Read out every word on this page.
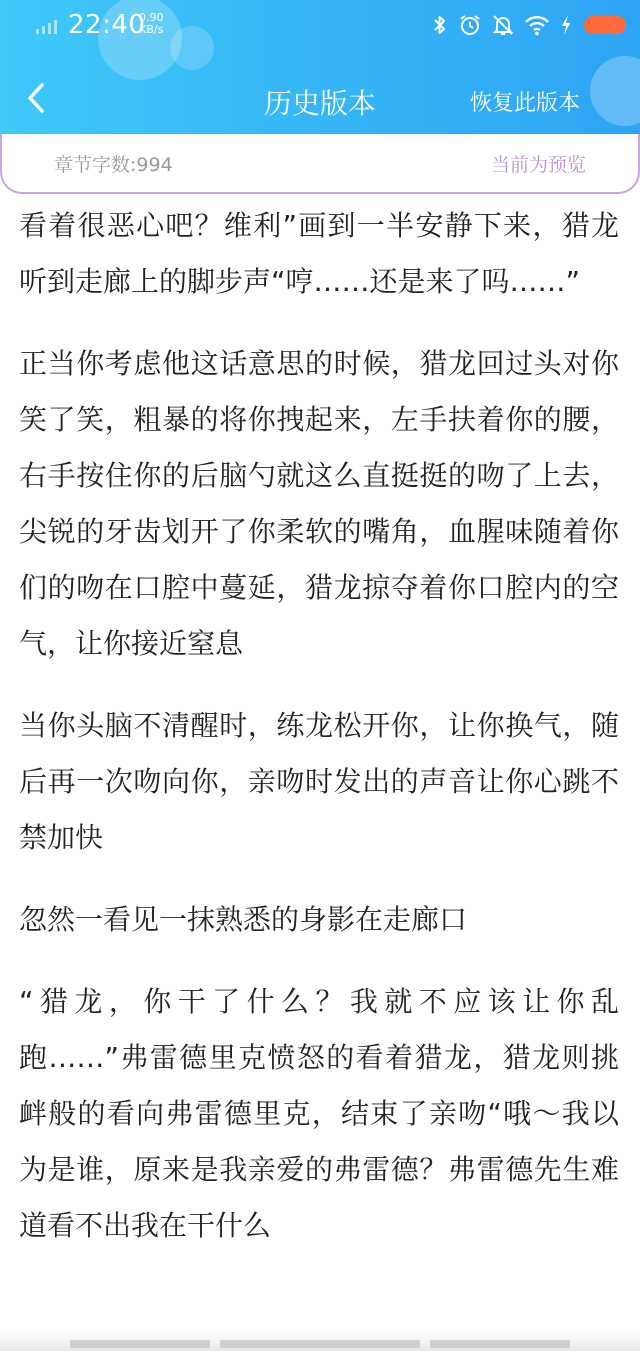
22:40
0.90
KB/s
历史版本	恢复此版本
章节字数:994	当前为预览

看着很恶心吧？维利”画到一半安静下来，猎龙听到走廊上的脚步声“哼……还是来了吗……”

正当你考虑他这话意思的时候，猎龙回过头对你笑了笑，粗暴的将你拽起来，左手扶着你的腰，右手按住你的后脑勺就这么直挺挺的吻了上去，尖锐的牙齿划开了你柔软的嘴角，血腥味随着你们的吻在口腔中蔓延，猎龙掠夺着你口腔内的空气，让你接近窒息

当你头脑不清醒时，练龙松开你，让你换气，随后再一次吻向你，亲吻时发出的声音让你心跳不禁加快

忽然一看见一抹熟悉的身影在走廊口

“猎龙，你干了什么？我就不应该让你乱跑……”弗雷德里克愤怒的看着猎龙，猎龙则挑衅般的看向弗雷德里克，结束了亲吻“哦～我以为是谁，原来是我亲爱的弗雷德？弗雷德先生难道看不出我在干什么
